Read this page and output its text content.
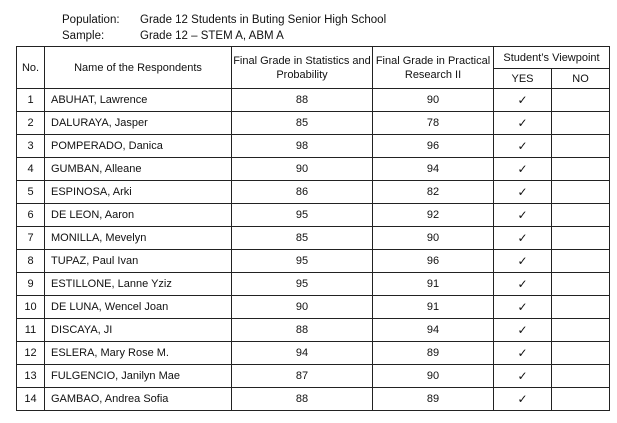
Population: Grade 12 Students in Buting Senior High School
Sample:	Grade 12 – STEM A, ABM A
No.	Name of the Respondents	Final Grade in Statistics and Probability	Final Grade in Practical Research II	Student’s Viewpoint	
				YES	NO
1	ABUHAT, Lawrence	88	90	✓	
2	DALURAYA, Jasper	85	78	✓	
3	POMPERADO, Danica	98	96	✓	
4	GUMBAN, Alleane	90	94	✓	
5	ESPINOSA, Arki	86	82	✓	
6	DE LEON, Aaron	95	92	✓	
7	MONILLA, Mevelyn	85	90	✓	
8	TUPAZ, Paul Ivan	95	96	✓	
9	ESTILLONE, Lanne Yziz	95	91	✓	
10	DE LUNA, Wencel Joan	90	91	✓	
11	DISCAYA, JI	88	94	✓	
12	ESLERA, Mary Rose M.	94	89	✓	
13	FULGENCIO, Janilyn Mae	87	90	✓	
14	GAMBAO, Andrea Sofia	88	89	✓	
